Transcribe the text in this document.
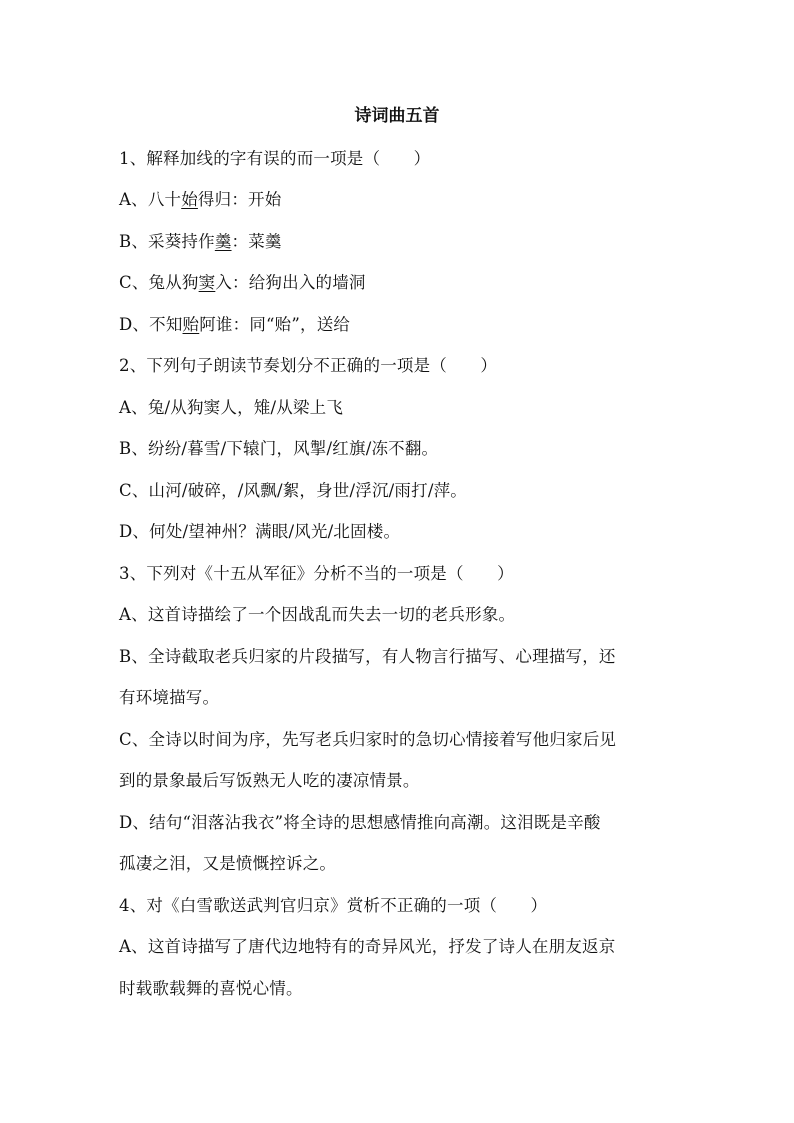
诗词曲五首
1、解释加线的字有误的而一项是（　　）
A、八十始得归：开始
B、采葵持作羹：菜羹
C、兔从狗窦入：给狗出入的墙洞
D、不知贻阿谁：同“贻”，送给
2、下列句子朗读节奏划分不正确的一项是（　　）
A、兔/从狗窦人，雉/从梁上飞
B、纷纷/暮雪/下辕门，风掣/红旗/冻不翻。
C、山河/破碎，/风飘/絮，身世/浮沉/雨打/萍。
D、何处/望神州？满眼/风光/北固楼。
3、下列对《十五从军征》分析不当的一项是（　　）
A、这首诗描绘了一个因战乱而失去一切的老兵形象。
B、全诗截取老兵归家的片段描写，有人物言行描写、心理描写，还
有环境描写。
C、全诗以时间为序，先写老兵归家时的急切心情接着写他归家后见
到的景象最后写饭熟无人吃的凄凉情景。
D、结句“泪落沾我衣”将全诗的思想感情推向高潮。这泪既是辛酸
孤凄之泪，又是愤慨控诉之。
4、对《白雪歌送武判官归京》赏析不正确的一项（　　）
A、这首诗描写了唐代边地特有的奇异风光，抒发了诗人在朋友返京
时载歌载舞的喜悦心情。
